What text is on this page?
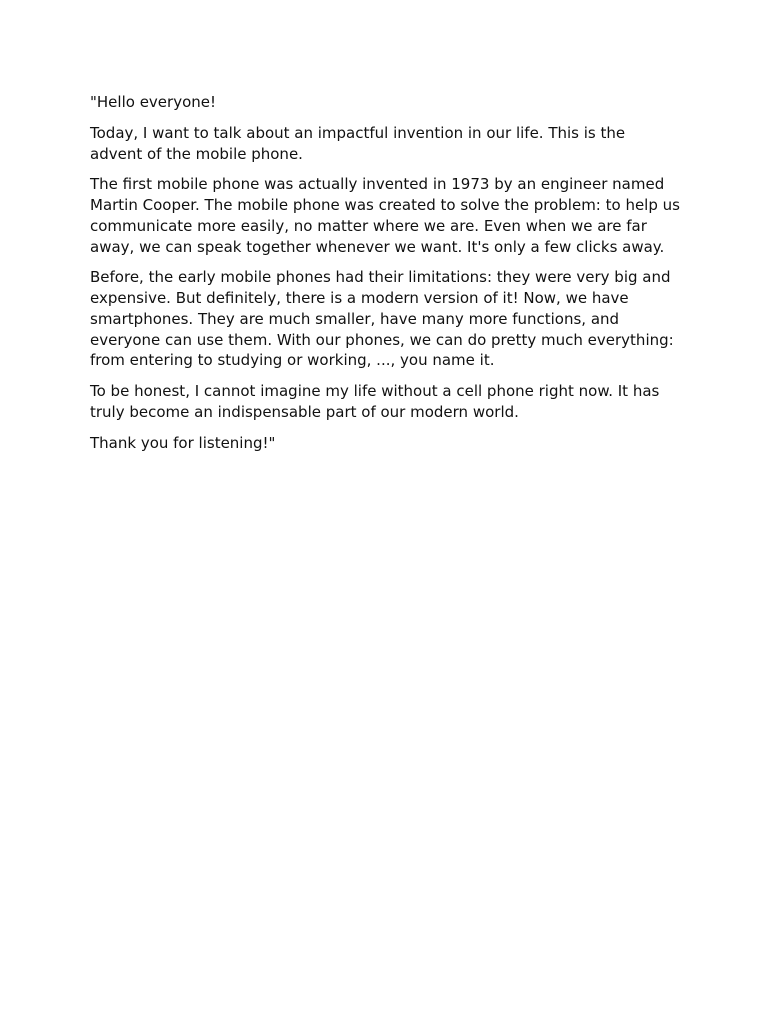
"Hello everyone!

Today, I want to talk about an impactful invention in our life. This is the advent of the mobile phone.

The first mobile phone was actually invented in 1973 by an engineer named Martin Cooper. The mobile phone was created to solve the problem: to help us communicate more easily, no matter where we are. Even when we are far away, we can speak together whenever we want. It's only a few clicks away.

Before, the early mobile phones had their limitations: they were very big and expensive. But definitely, there is a modern version of it! Now, we have smartphones. They are much smaller, have many more functions, and everyone can use them. With our phones, we can do pretty much everything: from entering to studying or working, ..., you name it.

To be honest, I cannot imagine my life without a cell phone right now. It has truly become an indispensable part of our modern world.

Thank you for listening!"
